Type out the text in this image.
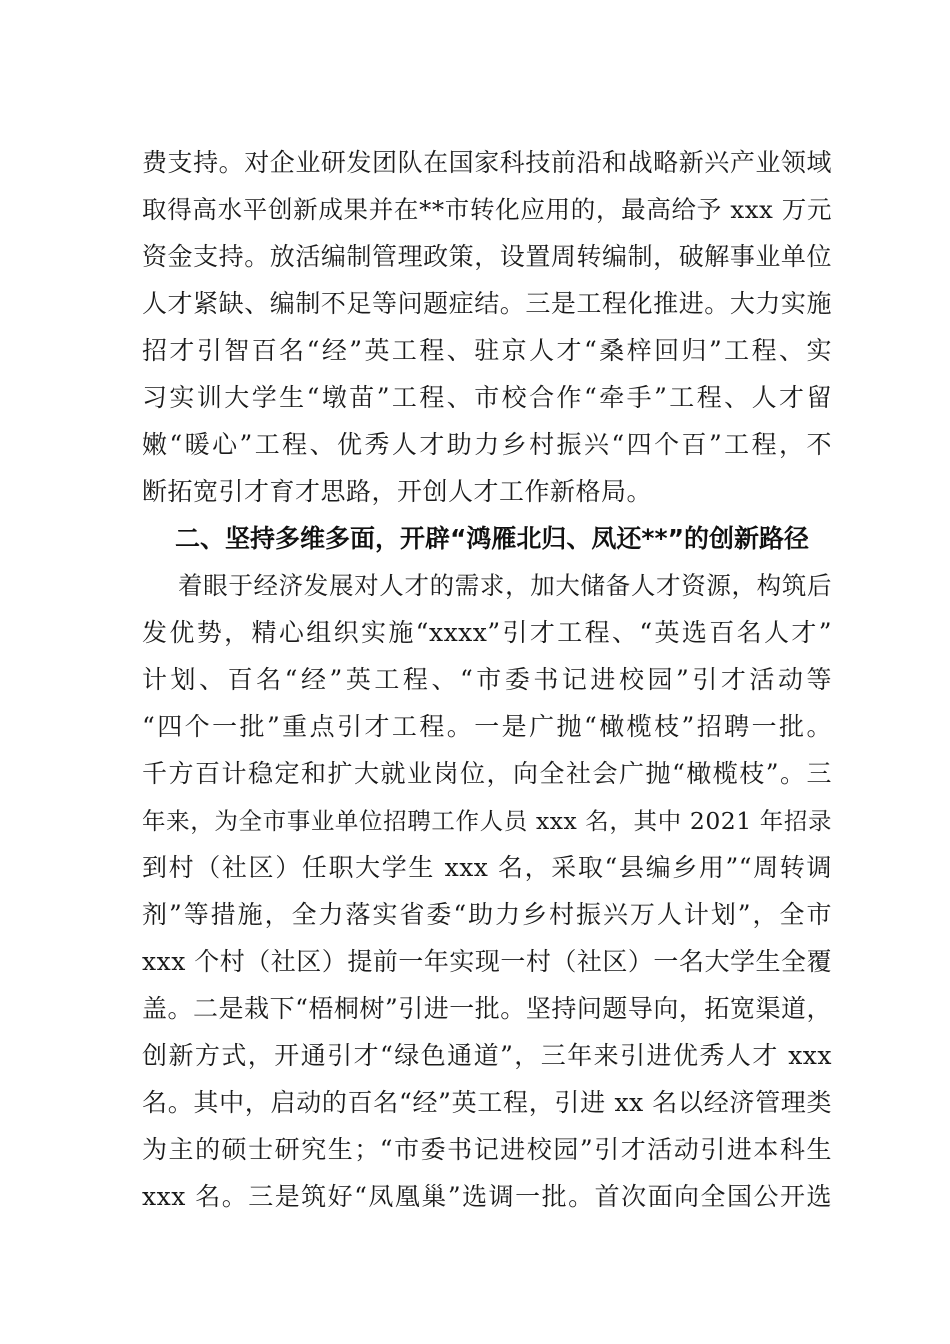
费支持。对企业研发团队在国家科技前沿和战略新兴产业领域
取得高水平创新成果并在**市转化应用的，最高给予 xxx 万元
资金支持。放活编制管理政策，设置周转编制，破解事业单位
人才紧缺、编制不足等问题症结。三是工程化推进。大力实施
招才引智百名“经”英工程、驻京人才“桑梓回归”工程、实
习实训大学生“墩苗”工程、市校合作“牵手”工程、人才留
嫩“暖心”工程、优秀人才助力乡村振兴“四个百”工程，不
断拓宽引才育才思路，开创人才工作新格局。
二、坚持多维多面，开辟“鸿雁北归、凤还**”的创新路径
着眼于经济发展对人才的需求，加大储备人才资源，构筑后
发优势，精心组织实施“xxxx”引才工程、“英选百名人才”
计划、百名“经”英工程、“市委书记进校园”引才活动等
“四个一批”重点引才工程。一是广抛“橄榄枝”招聘一批。
千方百计稳定和扩大就业岗位，向全社会广抛“橄榄枝”。三
年来，为全市事业单位招聘工作人员 xxx 名，其中 2021 年招录
到村（社区）任职大学生 xxx 名，采取“县编乡用”“周转调
剂”等措施，全力落实省委“助力乡村振兴万人计划”，全市
xxx 个村（社区）提前一年实现一村（社区）一名大学生全覆
盖。二是栽下“梧桐树”引进一批。坚持问题导向，拓宽渠道，
创新方式，开通引才“绿色通道”，三年来引进优秀人才 xxx
名。其中，启动的百名“经”英工程，引进 xx 名以经济管理类
为主的硕士研究生；“市委书记进校园”引才活动引进本科生
xxx 名。三是筑好“凤凰巢”选调一批。首次面向全国公开选
